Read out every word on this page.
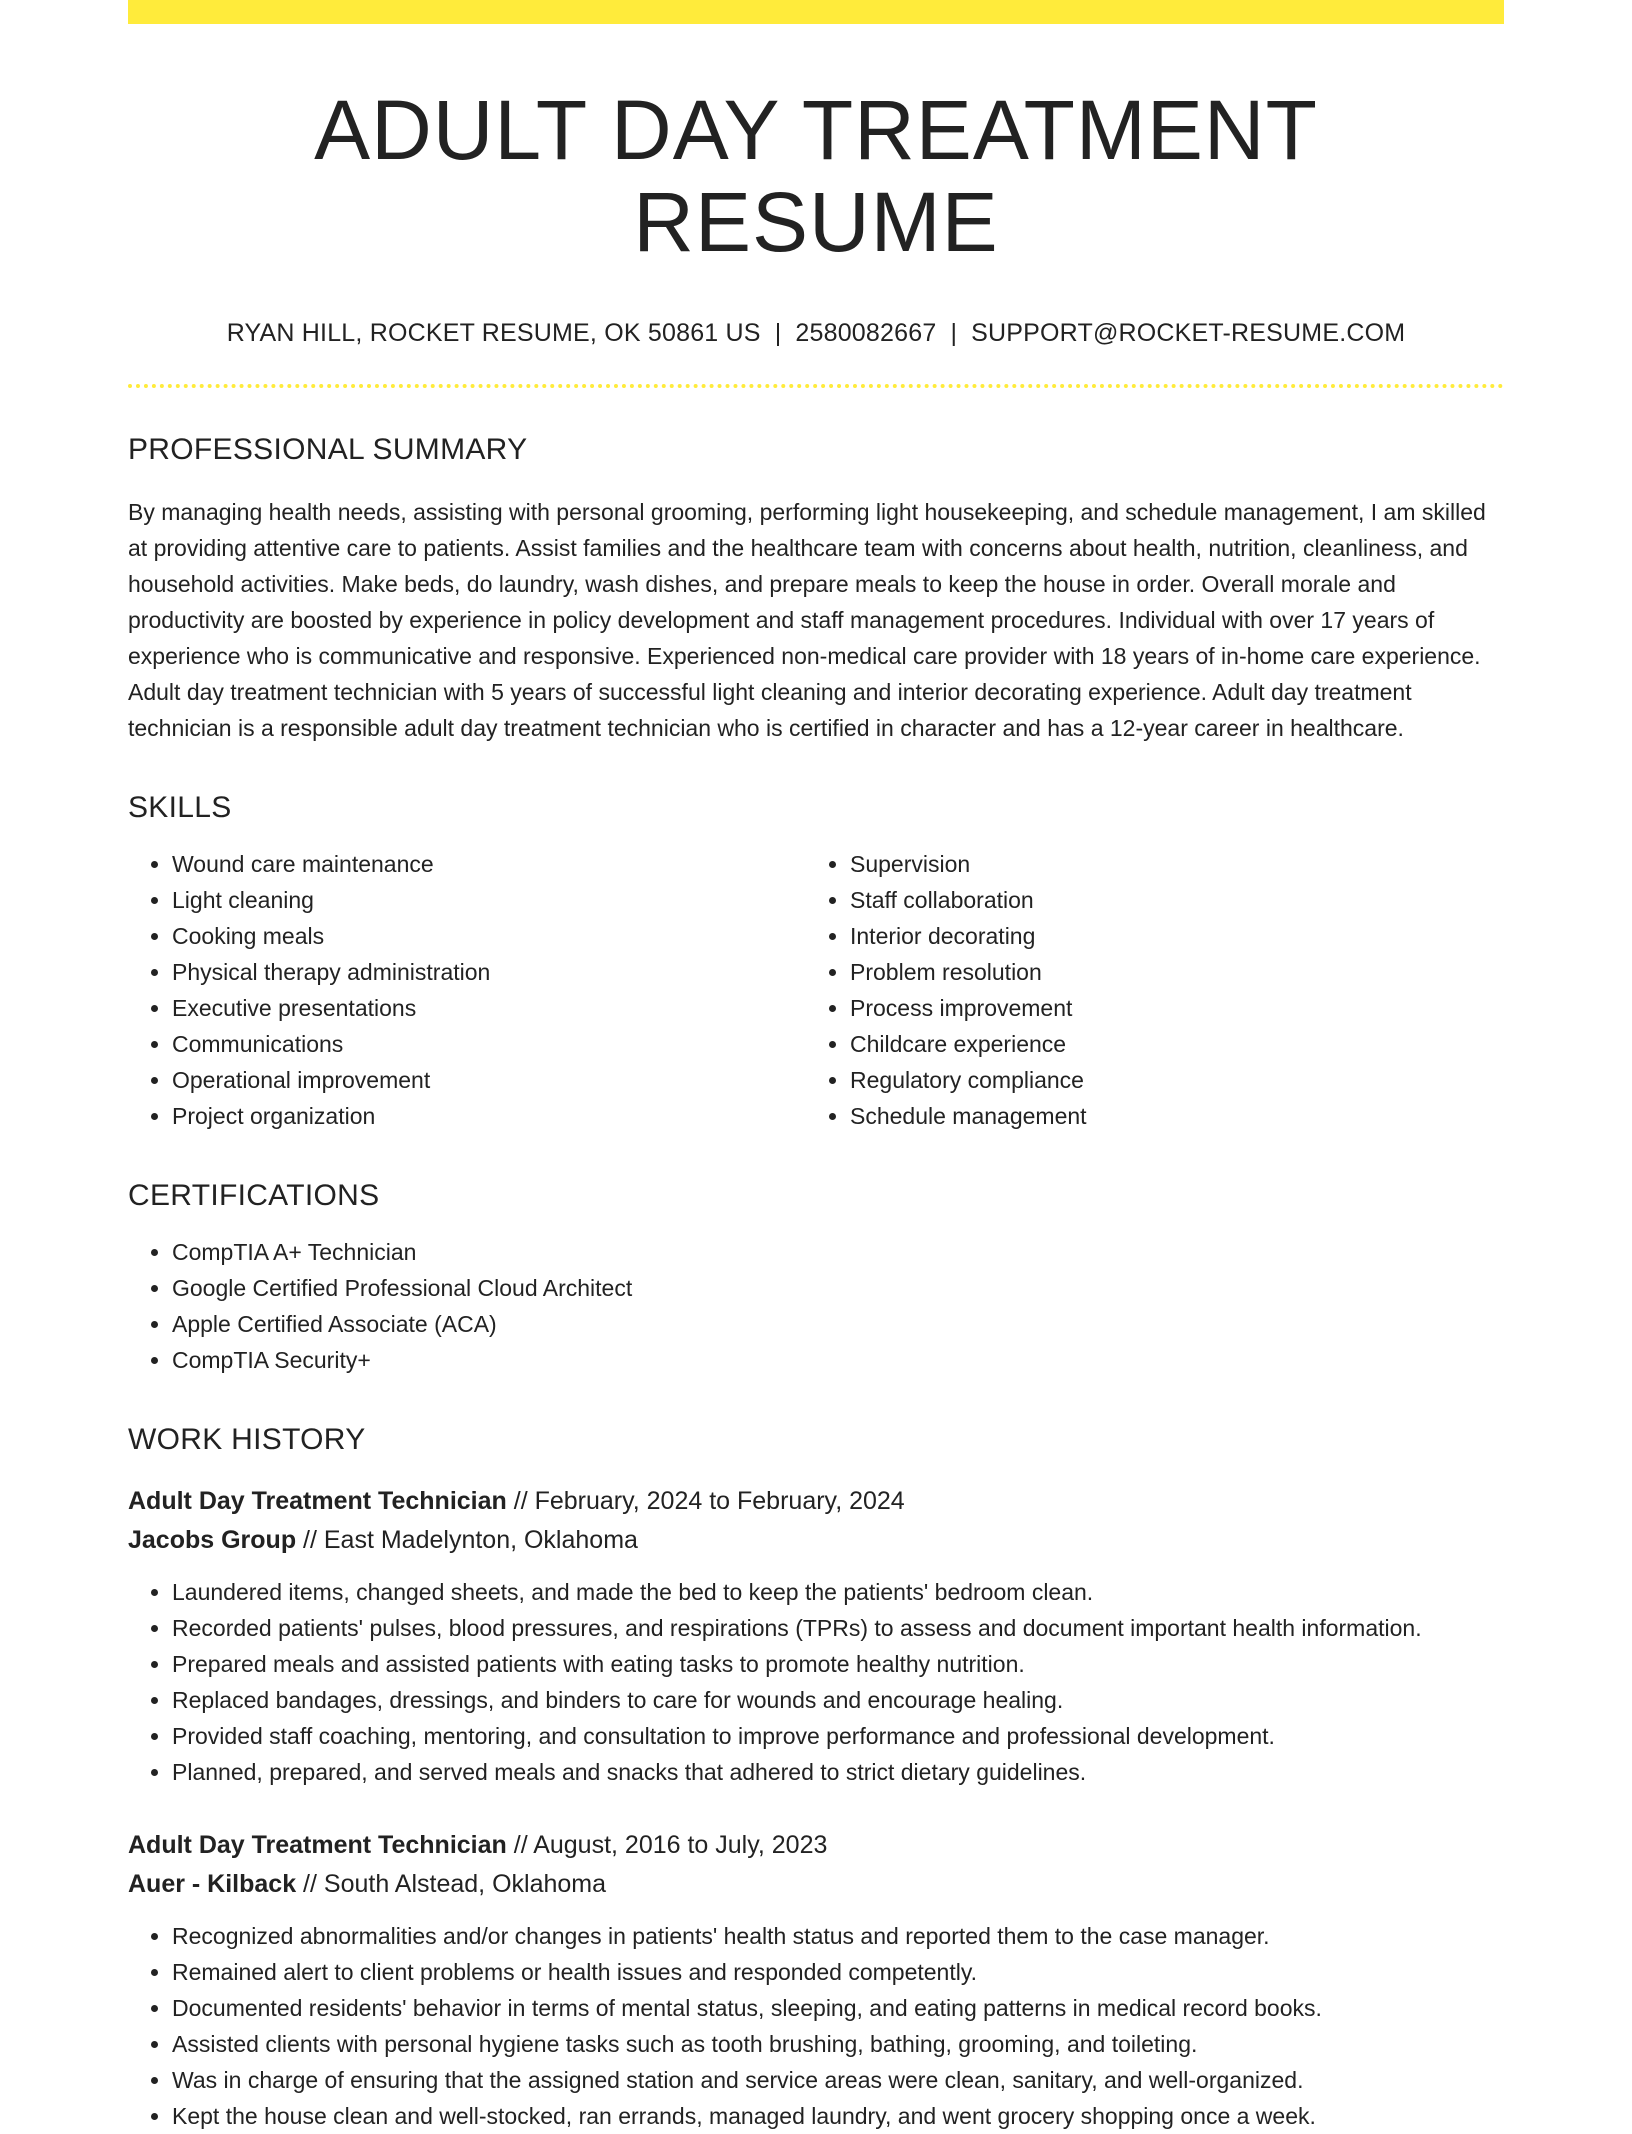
ADULT DAY TREATMENT RESUME
RYAN HILL, ROCKET RESUME, OK 50861 US | 2580082667 | SUPPORT@ROCKET-RESUME.COM
PROFESSIONAL SUMMARY

By managing health needs, assisting with personal grooming, performing light housekeeping, and schedule management, I am skilled at providing attentive care to patients. Assist families and the healthcare team with concerns about health, nutrition, cleanliness, and household activities. Make beds, do laundry, wash dishes, and prepare meals to keep the house in order. Overall morale and productivity are boosted by experience in policy development and staff management procedures. Individual with over 17 years of experience who is communicative and responsive. Experienced non-medical care provider with 18 years of in-home care experience. Adult day treatment technician with 5 years of successful light cleaning and interior decorating experience. Adult day treatment technician is a responsible adult day treatment technician who is certified in character and has a 12-year career in healthcare.

SKILLS
• Wound care maintenance
• Light cleaning
• Cooking meals
• Physical therapy administration
• Executive presentations
• Communications
• Operational improvement
• Project organization
• Supervision
• Staff collaboration
• Interior decorating
• Problem resolution
• Process improvement
• Childcare experience
• Regulatory compliance
• Schedule management
CERTIFICATIONS
• CompTIA A+ Technician
• Google Certified Professional Cloud Architect
• Apple Certified Associate (ACA)
• CompTIA Security+
WORK HISTORY
Adult Day Treatment Technician // February, 2024 to February, 2024
Jacobs Group // East Madelynton, Oklahoma
• Laundered items, changed sheets, and made the bed to keep the patients' bedroom clean.
• Recorded patients' pulses, blood pressures, and respirations (TPRs) to assess and document important health information.
• Prepared meals and assisted patients with eating tasks to promote healthy nutrition.
• Replaced bandages, dressings, and binders to care for wounds and encourage healing.
• Provided staff coaching, mentoring, and consultation to improve performance and professional development.
• Planned, prepared, and served meals and snacks that adhered to strict dietary guidelines.
Adult Day Treatment Technician // August, 2016 to July, 2023
Auer - Kilback // South Alstead, Oklahoma
• Recognized abnormalities and/or changes in patients' health status and reported them to the case manager.
• Remained alert to client problems or health issues and responded competently.
• Documented residents' behavior in terms of mental status, sleeping, and eating patterns in medical record books.
• Assisted clients with personal hygiene tasks such as tooth brushing, bathing, grooming, and toileting.
• Was in charge of ensuring that the assigned station and service areas were clean, sanitary, and well-organized.
• Kept the house clean and well-stocked, ran errands, managed laundry, and went grocery shopping once a week.
